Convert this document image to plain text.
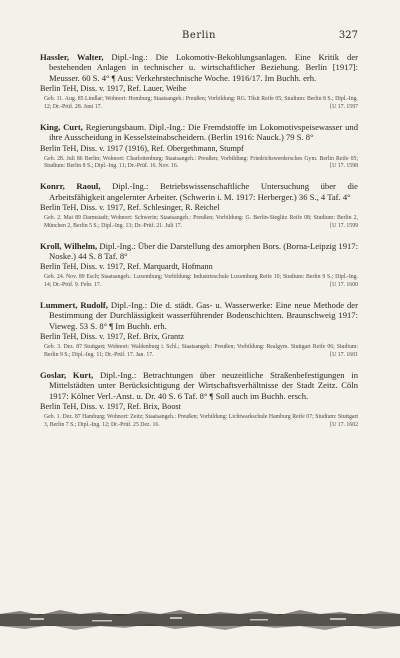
Berlin	327

Hassler, Walter, Dipl.-Ing.: Die Lokomotiv-Bekohlungsanlagen. Eine Kritik der bestehenden Anlagen in technischer u. wirtschaftlicher Beziehung. Berlin [1917]: Meusser. 60 S. 4° ¶ Aus: Verkehrstechnische Woche. 1916/17. Im Buchh. erh.

Berlin TeH, Diss. v. 1917, Ref. Lauer, Weihe
Geb. 11. Aug. 85 Lindlar; Wohnort: Homburg; Staatsangeh.: Preußen; Vorbildung: RG. Tilsit Reife 05; Studium: Berlin 8 S.; Dipl.-Ing. 12; Dr.-Prüf. 28. Juni 17.	[U 17. 1597

King, Curt, Regierungsbaum. Dipl.-Ing.: Die Fremdstoffe im Lokomotivspeisewasser und ihre Ausscheidung in Kesselsteinabscheidern. (Berlin 1916: Nauck.) 79 S. 8°

Berlin TeH, Diss. v. 1917 (1916), Ref. Obergethmann, Stumpf
Geb. 28. Juli 86 Berlin; Wohnort: Charlottenburg; Staatsangeh.: Preußen; Vorbildung: Friedrichswerdersches Gym. Berlin Reife 05; Studium: Berlin 8 S.; Dipl.-Ing. 11; Dr.-Prüf. 16. Nov. 16.	[U 17. 1598

Konrr, Raoul, Dipl.-Ing.: Betriebswissenschaftliche Untersuchung über die Arbeitsfähigkeit angelernter Arbeiter. (Schwerin i. M. 1917: Herberger.) 36 S., 4 Taf. 4°

Berlin TeH, Diss. v. 1917, Ref. Schlesinger, R. Reichel
Geb. 2. Mai 89 Darmstadt; Wohnort: Schwerin; Staatsangeh.: Preußen; Vorbildung: G. Berlin-Steglitz Reife 08; Studium: Berlin 2, München 2, Berlin 5 S.; Dipl.-Ing. 13; Dr.-Prüf. 21. Juli 17.	[U 17. 1599

Kroll, Wilhelm, Dipl.-Ing.: Über die Darstellung des amorphen Bors. (Borna-Leipzig 1917: Noske.) 44 S. 8 Taf. 8°

Berlin TeH, Diss. v. 1917, Ref. Marquardt, Hofmann
Geb. 24. Nov. 89 Esch; Staatsangeh.: Luxemburg; Vorbildung: Industrieschule Luxemburg Reife 10; Studium: Berlin 9 S.; Dipl.-Ing. 14; Dr.-Prüf. 9. Febr. 17.	[U 17. 1600

Lummert, Rudolf, Dipl.-Ing.: Die d. städt. Gas- u. Wasserwerke: Eine neue Methode der Bestimmung der Durchlässigkeit wasserführender Bodenschichten. Braunschweig 1917: Vieweg. 53 S. 8° ¶ Im Buchh. erh.

Berlin TeH, Diss. v. 1917, Ref. Brix, Grantz
Geb. 3. Dez. 87 Stuttgart; Wohnort: Waldenburg i. Schl.; Staatsangeh.: Preußen; Vorbildung: Realgym. Stuttgart Reife 06; Studium: Berlin 9 S.; Dipl.-Ing. 11; Dr.-Prüf. 17. Jan. 17.	[U 17. 1601

Goslar, Kurt, Dipl.-Ing.: Betrachtungen über neuzeitliche Straßenbefestigungen in Mittelstädten unter Berücksichtigung der Wirtschaftsverhältnisse der Stadt Zeitz. Cöln 1917: Kölner Verl.-Anst. u. Dr. 40 S. 6 Taf. 8° ¶ Soll auch im Buchh. ersch.

Berlin TeH, Diss. v. 1917, Ref. Brix, Boost
Geb. 1. Dez. 87 Hamburg; Wohnort: Zeitz; Staatsangeh.: Preußen; Vorbildung: Lichtwarkschule Hamburg Reife 07; Studium: Stuttgart 3, Berlin 7 S.; Dipl.-Ing. 12; Dr.-Prüf. 25 Dez. 16.	[U 17. 1602
